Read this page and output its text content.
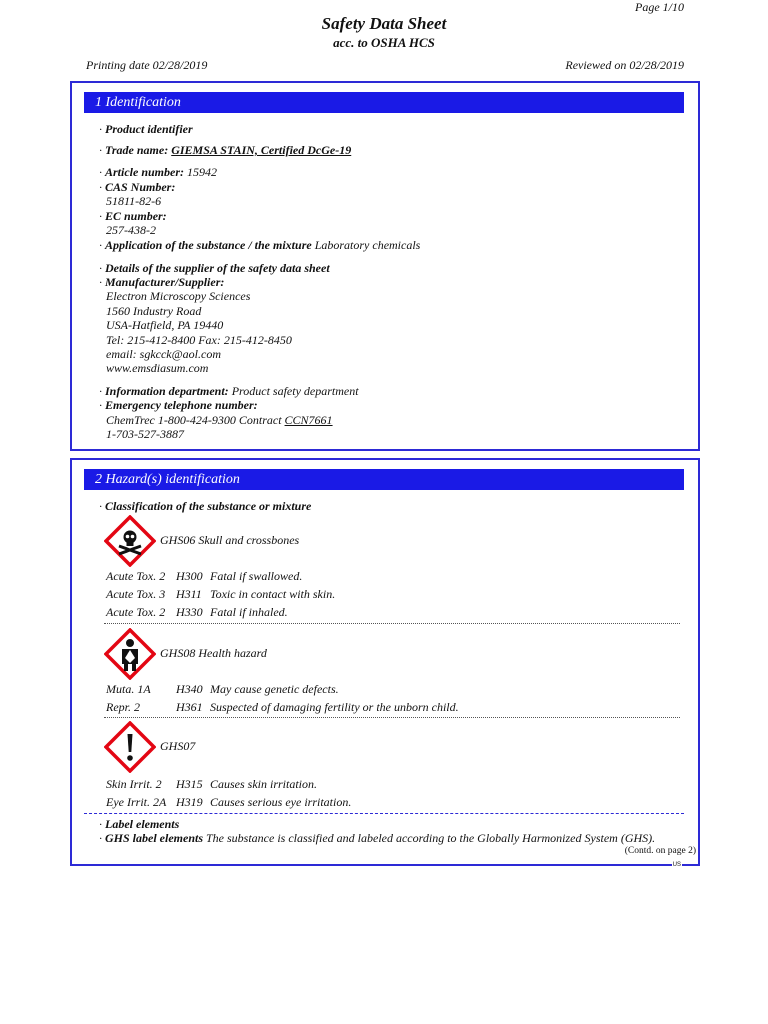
Page 1/10
Safety Data Sheet
acc. to OSHA HCS
Printing date 02/28/2019	Reviewed on 02/28/2019
1 Identification
· Product identifier
· Trade name: GIEMSA STAIN, Certified DcGe-19
· Article number: 15942
· CAS Number:
51811-82-6
· EC number:
257-438-2
· Application of the substance / the mixture Laboratory chemicals
· Details of the supplier of the safety data sheet
· Manufacturer/Supplier:
Electron Microscopy Sciences
1560 Industry Road
USA-Hatfield, PA 19440
Tel: 215-412-8400 Fax: 215-412-8450
email: sgkcck@aol.com
www.emsdiasum.com
· Information department: Product safety department
· Emergency telephone number:
ChemTrec 1-800-424-9300 Contract CCN7661
1-703-527-3887
2 Hazard(s) identification
· Classification of the substance or mixture
GHS06 Skull and crossbones
Acute Tox. 2 H300 Fatal if swallowed.
Acute Tox. 3 H311 Toxic in contact with skin.
Acute Tox. 2 H330 Fatal if inhaled.
GHS08 Health hazard
Muta. 1A H340 May cause genetic defects.
Repr. 2	H361 Suspected of damaging fertility or the unborn child.
GHS07
Skin Irrit. 2 H315 Causes skin irritation.
Eye Irrit. 2A H319 Causes serious eye irritation.
· Label elements
· GHS label elements The substance is classified and labeled according to the Globally Harmonized System (GHS).
(Contd. on page 2)
US
